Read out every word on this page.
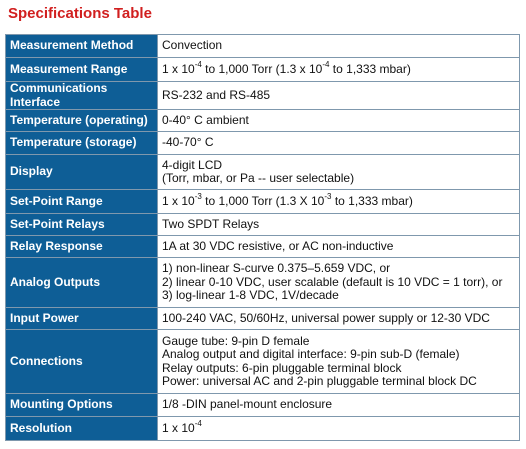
Specifications Table
Measurement Method	Convection
Measurement Range	1 x $10^{-4}$ to 1,000 Torr (1.3 x $10^{-4}$ to 1,333 mbar)
Communications Interface	RS-232 and RS-485
Temperature (operating)	0-40° C ambient
Temperature (storage)	-40-70° C
Display	4-digit LCD
(Torr, mbar, or Pa -- user selectable)

Set-Point Range	1 x $10^{-3}$ to 1,000 Torr (1.3 X $10^{-3}$ to 1,333 mbar)
Set-Point Relays	Two SPDT Relays
Relay Response	1A at 30 VDC resistive, or AC non-inductive
Analog Outputs	1) non-linear S-curve 0.375–5.659 VDC, or
2) linear 0-10 VDC, user scalable (default is 10 VDC = 1 torr), or
3) log-linear 1-8 VDC, 1V/decade

Input Power	100-240 VAC, 50/60Hz, universal power supply or 12-30 VDC
Connections	Gauge tube: 9-pin D female
Analog output and digital interface: 9-pin sub-D (female)
Relay outputs: 6-pin pluggable terminal block
Power: universal AC and 2-pin pluggable terminal block DC

Mounting Options	1/8 -DIN panel-mount enclosure
Resolution	1 x $10^{-4}$
